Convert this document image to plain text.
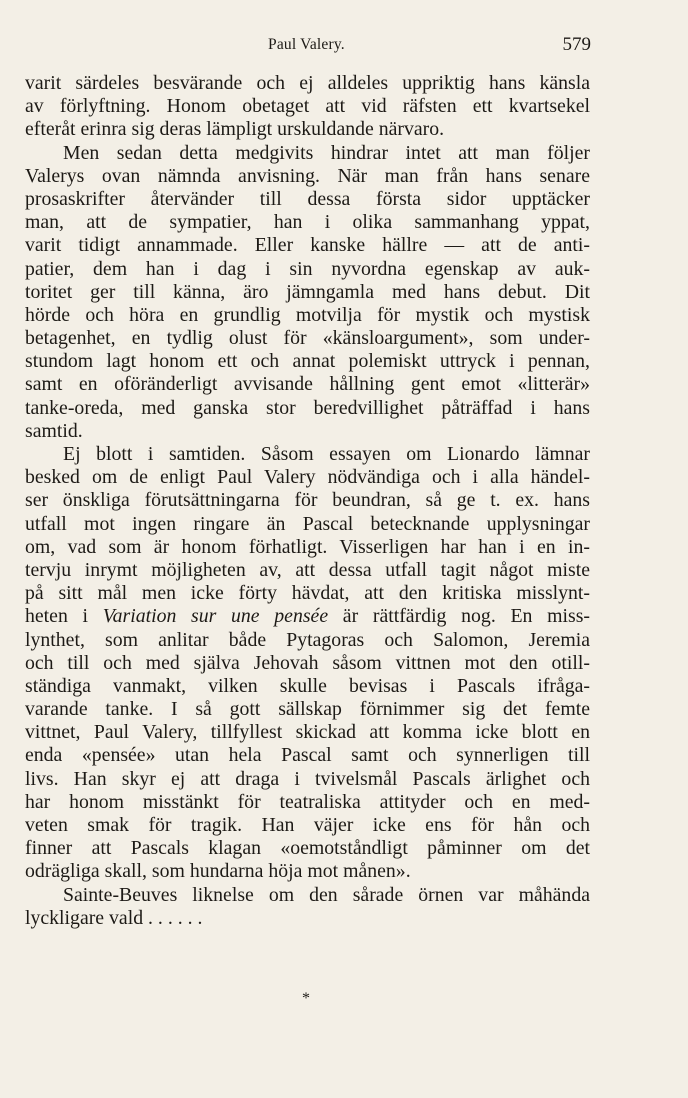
Paul Valery.	579
varit särdeles besvärande och ej alldeles uppriktig hans känsla
av förlyftning. Honom obetaget att vid räfsten ett kvartsekel
efteråt erinra sig deras lämpligt urskuldande närvaro.
Men sedan detta medgivits hindrar intet att man följer
Valerys ovan nämnda anvisning. När man från hans senare
prosaskrifter återvänder till dessa första sidor upptäcker
man, att de sympatier, han i olika sammanhang yppat,
varit tidigt annammade. Eller kanske hällre — att de anti-
patier, dem han i dag i sin nyvordna egenskap av auk-
toritet ger till känna, äro jämngamla med hans debut. Dit
hörde och höra en grundlig motvilja för mystik och mystisk
betagenhet, en tydlig olust för «känsloargument», som under-
stundom lagt honom ett och annat polemiskt uttryck i pennan,
samt en oföränderligt avvisande hållning gent emot «litterär»
tanke-oreda, med ganska stor beredvillighet påträffad i hans
samtid.
Ej blott i samtiden. Såsom essayen om Lionardo lämnar
besked om de enligt Paul Valery nödvändiga och i alla händel-
ser önskliga förutsättningarna för beundran, så ge t. ex. hans
utfall mot ingen ringare än Pascal betecknande upplysningar
om, vad som är honom förhatligt. Visserligen har han i en in-
tervju inrymt möjligheten av, att dessa utfall tagit något miste
på sitt mål men icke förty hävdat, att den kritiska misslynt-
heten i Variation sur une pensée är rättfärdig nog. En miss-
lynthet, som anlitar både Pytagoras och Salomon, Jeremia
och till och med själva Jehovah såsom vittnen mot den otill-
ständiga vanmakt, vilken skulle bevisas i Pascals ifråga-
varande tanke. I så gott sällskap förnimmer sig det femte
vittnet, Paul Valery, tillfyllest skickad att komma icke blott en
enda «pensée» utan hela Pascal samt och synnerligen till
livs. Han skyr ej att draga i tvivelsmål Pascals ärlighet och
har honom misstänkt för teatraliska attityder och en med-
veten smak för tragik. Han väjer icke ens för hån och
finner att Pascals klagan «oemotståndligt påminner om det
odrägliga skall, som hundarna höja mot månen».
Sainte-Beuves liknelse om den sårade örnen var måhända
lyckligare vald . . . . . .
*
